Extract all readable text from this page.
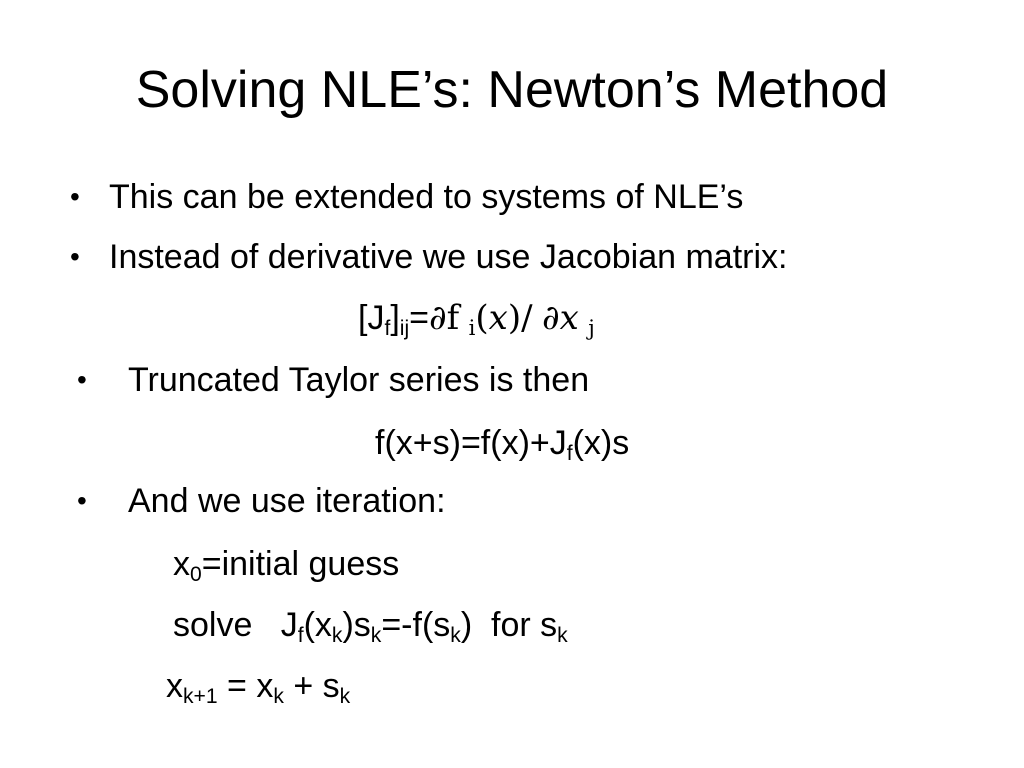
Solving NLE’s: Newton’s Method
• This can be extended to systems of NLE’s
• Instead of derivative we use Jacobian matrix:
$[J_f]_{ij}=\partial f$ $_i$(𝑥)/ ∂𝑥 $_j$
• Truncated Taylor series is then
$f(x+s)=f(x)+J_f(x)s$
• And we use iteration:
$x_0=initial$ guess
solve   $J_f(x_k)s_k=-f(s_k)$  for $s_k$
$x_{k+1} = x_k + s_k$
